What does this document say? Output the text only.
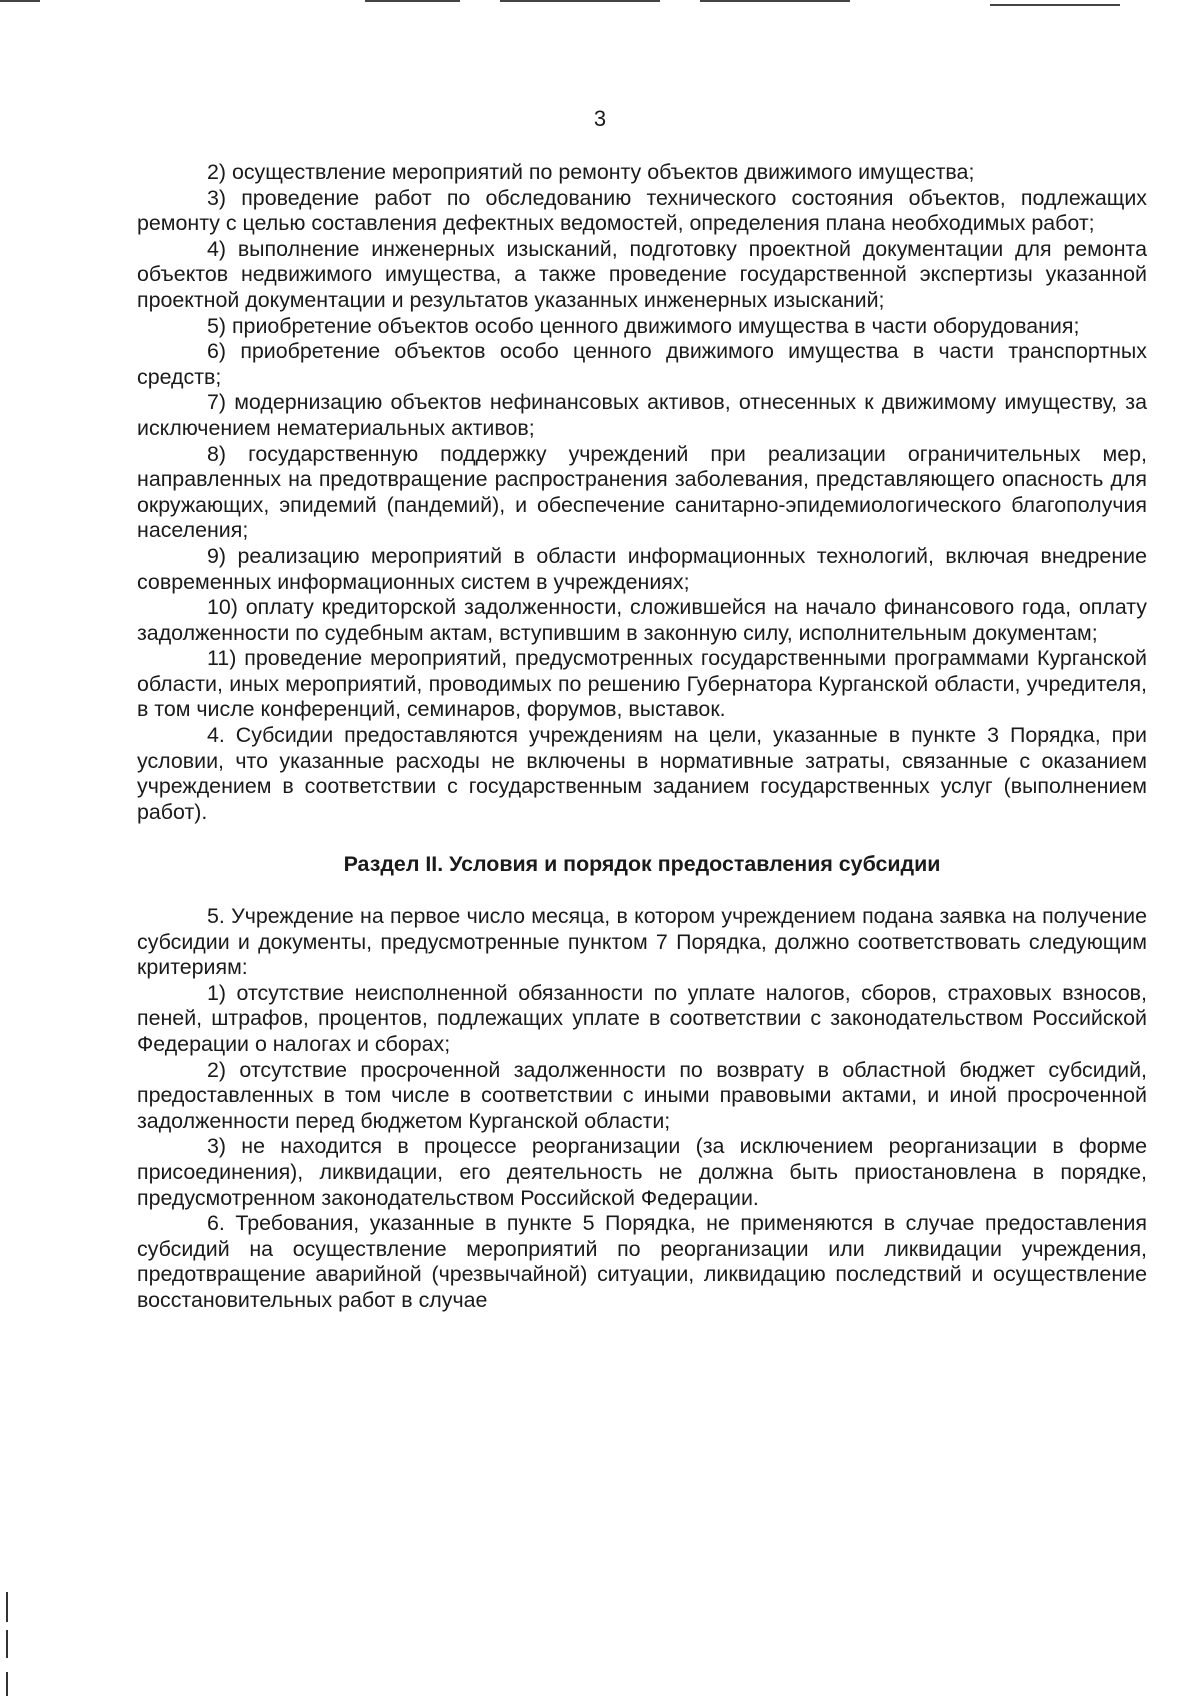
3

2) осуществление мероприятий по ремонту объектов движимого имущества;

3) проведение работ по обследованию технического состояния объектов, подлежащих ремонту с целью составления дефектных ведомостей, определения плана необходимых работ;

4) выполнение инженерных изысканий, подготовку проектной документации для ремонта объектов недвижимого имущества, а также проведение государственной экспертизы указанной проектной документации и результатов указанных инженерных изысканий;

5) приобретение объектов особо ценного движимого имущества в части оборудования;

6) приобретение объектов особо ценного движимого имущества в части транспортных средств;

7) модернизацию объектов нефинансовых активов, отнесенных к движимому имуществу, за исключением нематериальных активов;

8) государственную поддержку учреждений при реализации ограничительных мер, направленных на предотвращение распространения заболевания, представляющего опасность для окружающих, эпидемий (пандемий), и обеспечение санитарно-эпидемиологического благополучия населения;

9) реализацию мероприятий в области информационных технологий, включая внедрение современных информационных систем в учреждениях;

10) оплату кредиторской задолженности, сложившейся на начало финансового года, оплату задолженности по судебным актам, вступившим в законную силу, исполнительным документам;

11) проведение мероприятий, предусмотренных государственными программами Курганской области, иных мероприятий, проводимых по решению Губернатора Курганской области, учредителя, в том числе конференций, семинаров, форумов, выставок.

4. Субсидии предоставляются учреждениям на цели, указанные в пункте 3 Порядка, при условии, что указанные расходы не включены в нормативные затраты, связанные с оказанием учреждением в соответствии с государственным заданием государственных услуг (выполнением работ).

Раздел II. Условия и порядок предоставления субсидии

5. Учреждение на первое число месяца, в котором учреждением подана заявка на получение субсидии и документы, предусмотренные пунктом 7 Порядка, должно соответствовать следующим критериям:

1) отсутствие неисполненной обязанности по уплате налогов, сборов, страховых взносов, пеней, штрафов, процентов, подлежащих уплате в соответствии с законодательством Российской Федерации о налогах и сборах;

2) отсутствие просроченной задолженности по возврату в областной бюджет субсидий, предоставленных в том числе в соответствии с иными правовыми актами, и иной просроченной задолженности перед бюджетом Курганской области;

3) не находится в процессе реорганизации (за исключением реорганизации в форме присоединения), ликвидации, его деятельность не должна быть приостановлена в порядке, предусмотренном законодательством Российской Федерации.

6. Требования, указанные в пункте 5 Порядка, не применяются в случае предоставления субсидий на осуществление мероприятий по реорганизации или ликвидации учреждения, предотвращение аварийной (чрезвычайной) ситуации, ликвидацию последствий и осуществление восстановительных работ в случае
